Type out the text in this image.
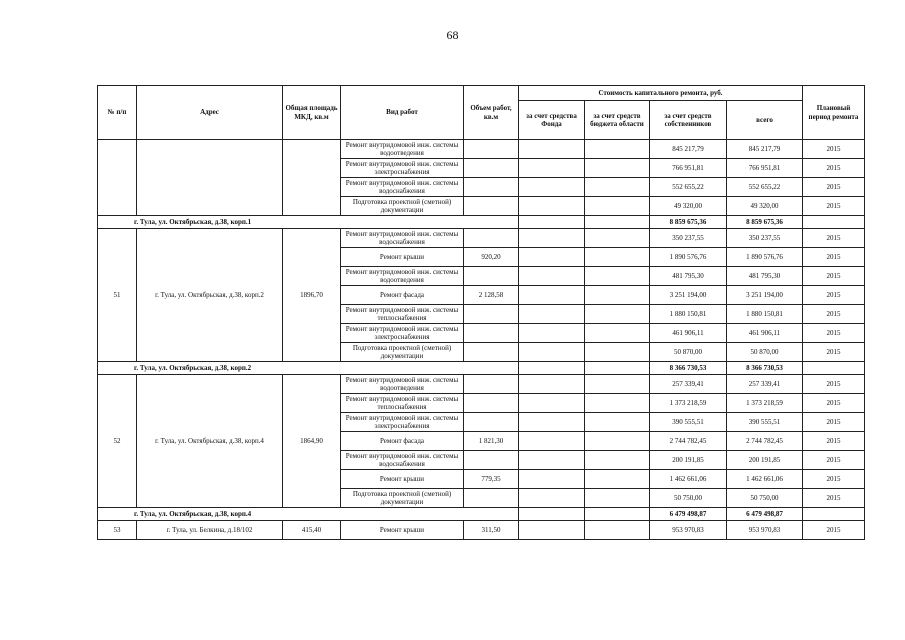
68
№ п/п	Адрес	Общая площадь МКД, кв.м	Вид работ	Объем работ, кв.м	Стоимость капитального ремонта, руб.				Плановый период ремонта
					за счет средства Фонда	за счет средств бюджета области	за счет средств собственников	всего	
			Ремонт внутридомовой инж. системы водоотведения				845 217,79	845 217,79	2015
			Ремонт внутридомовой инж. системы электроснабжения				766 951,81	766 951,81	2015
			Ремонт внутридомовой инж. системы водоснабжения				552 655,22	552 655,22	2015
			Подготовка проектной (сметной) документации				49 320,00	49 320,00	2015
г. Тула, ул. Октябрьская, д.38, корп.1							8 859 675,36	8 859 675,36	
51	г. Тула, ул. Октябрьская, д.38, корп.2	1896,70	Ремонт внутридомовой инж. системы водоснабжения				350 237,55	350 237,55	2015
			Ремонт крыши	920,20			1 890 576,76	1 890 576,76	2015
			Ремонт внутридомовой инж. системы водоотведения				481 795,30	481 795,30	2015
			Ремонт фасада	2 128,58			3 251 194,00	3 251 194,00	2015
			Ремонт внутридомовой инж. системы теплоснабжения				1 880 150,81	1 880 150,81	2015
			Ремонт внутридомовой инж. системы электроснабжения				461 906,11	461 906,11	2015
			Подготовка проектной (сметной) документации				50 870,00	50 870,00	2015
г. Тула, ул. Октябрьская, д.38, корп.2							8 366 730,53	8 366 730,53	
52	г. Тула, ул. Октябрьская, д.38, корп.4	1864,90	Ремонт внутридомовой инж. системы водоотведения				257 339,41	257 339,41	2015
			Ремонт внутридомовой инж. системы теплоснабжения				1 373 218,59	1 373 218,59	2015
			Ремонт внутридомовой инж. системы электроснабжения				390 555,51	390 555,51	2015
			Ремонт фасада	1 821,30			2 744 782,45	2 744 782,45	2015
			Ремонт внутридомовой инж. системы водоснабжения				200 191,85	200 191,85	2015
			Ремонт крыши	779,35			1 462 661,06	1 462 661,06	2015
			Подготовка проектной (сметной) документации				50 750,00	50 750,00	2015
г. Тула, ул. Октябрьская, д.38, корп.4							6 479 498,87	6 479 498,87	
53	г. Тула, ул. Белкина, д.18/102	415,40	Ремонт крыши	311,50			953 970,83	953 970,83	2015
